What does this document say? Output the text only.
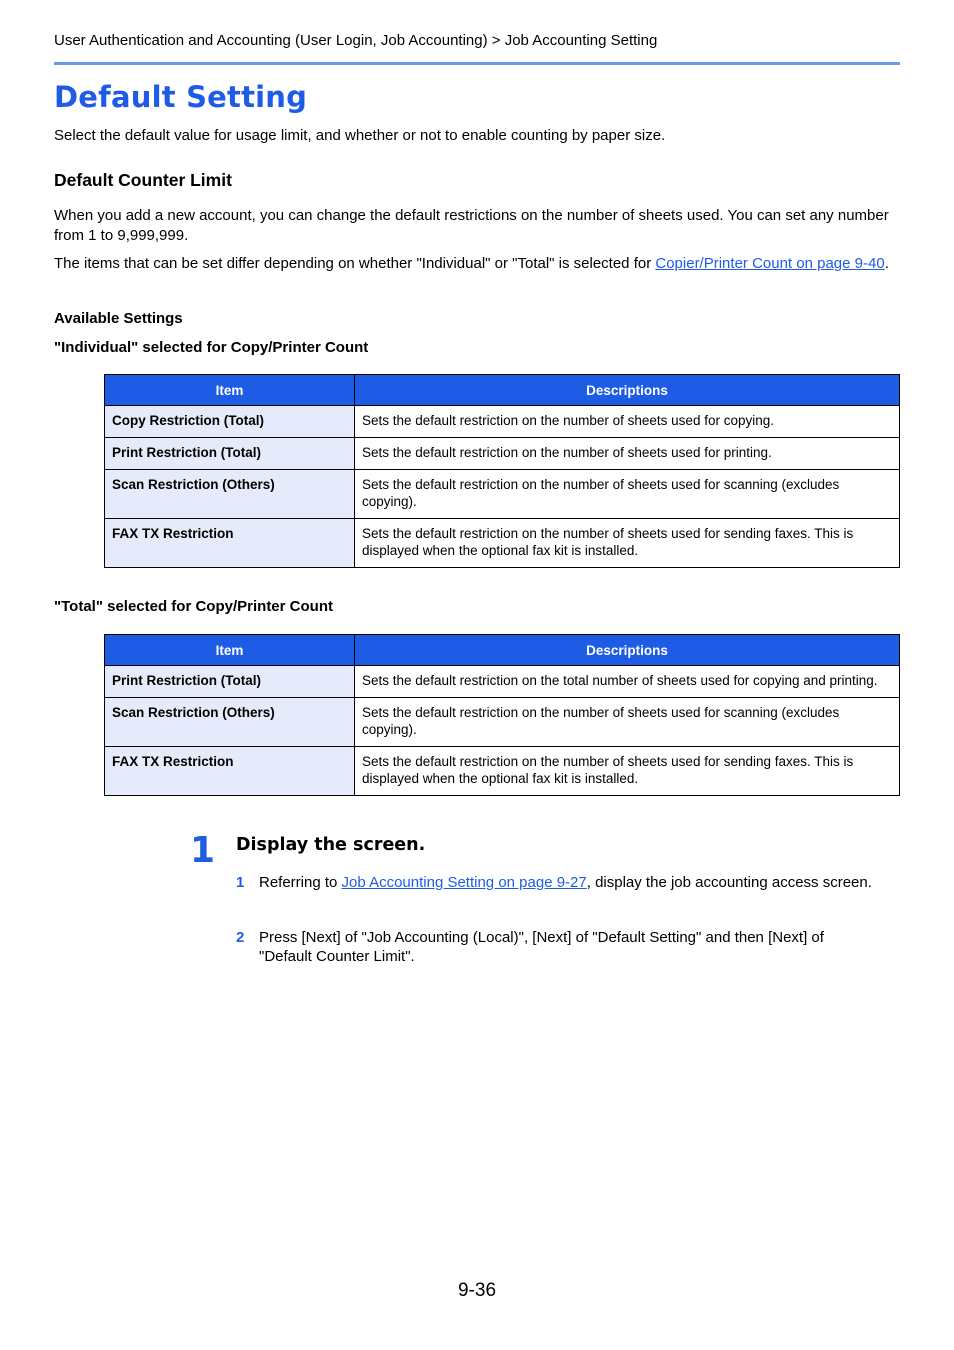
User Authentication and Accounting (User Login, Job Accounting) > Job Accounting Setting
Default Setting

Select the default value for usage limit, and whether or not to enable counting by paper size.

Default Counter Limit

When you add a new account, you can change the default restrictions on the number of sheets used. You can set any number from 1 to 9,999,999.

The items that can be set differ depending on whether "Individual" or "Total" is selected for Copier/Printer Count on page 9-40.

Available Settings
"Individual" selected for Copy/Printer Count
Item	Descriptions
Copy Restriction (Total)	Sets the default restriction on the number of sheets used for copying.
Print Restriction (Total)	Sets the default restriction on the number of sheets used for printing.
Scan Restriction (Others)	Sets the default restriction on the number of sheets used for scanning (excludes copying).
FAX TX Restriction	Sets the default restriction on the number of sheets used for sending faxes. This is displayed when the optional fax kit is installed.
"Total" selected for Copy/Printer Count
Item	Descriptions
Print Restriction (Total)	Sets the default restriction on the total number of sheets used for copying and printing.
Scan Restriction (Others)	Sets the default restriction on the number of sheets used for scanning (excludes copying).
FAX TX Restriction	Sets the default restriction on the number of sheets used for sending faxes. This is displayed when the optional fax kit is installed.
1 Display the screen.
1 Referring to Job Accounting Setting on page 9-27, display the job accounting access screen.
2 Press [Next] of "Job Accounting (Local)", [Next] of "Default Setting" and then [Next] of "Default Counter Limit".
9-36
